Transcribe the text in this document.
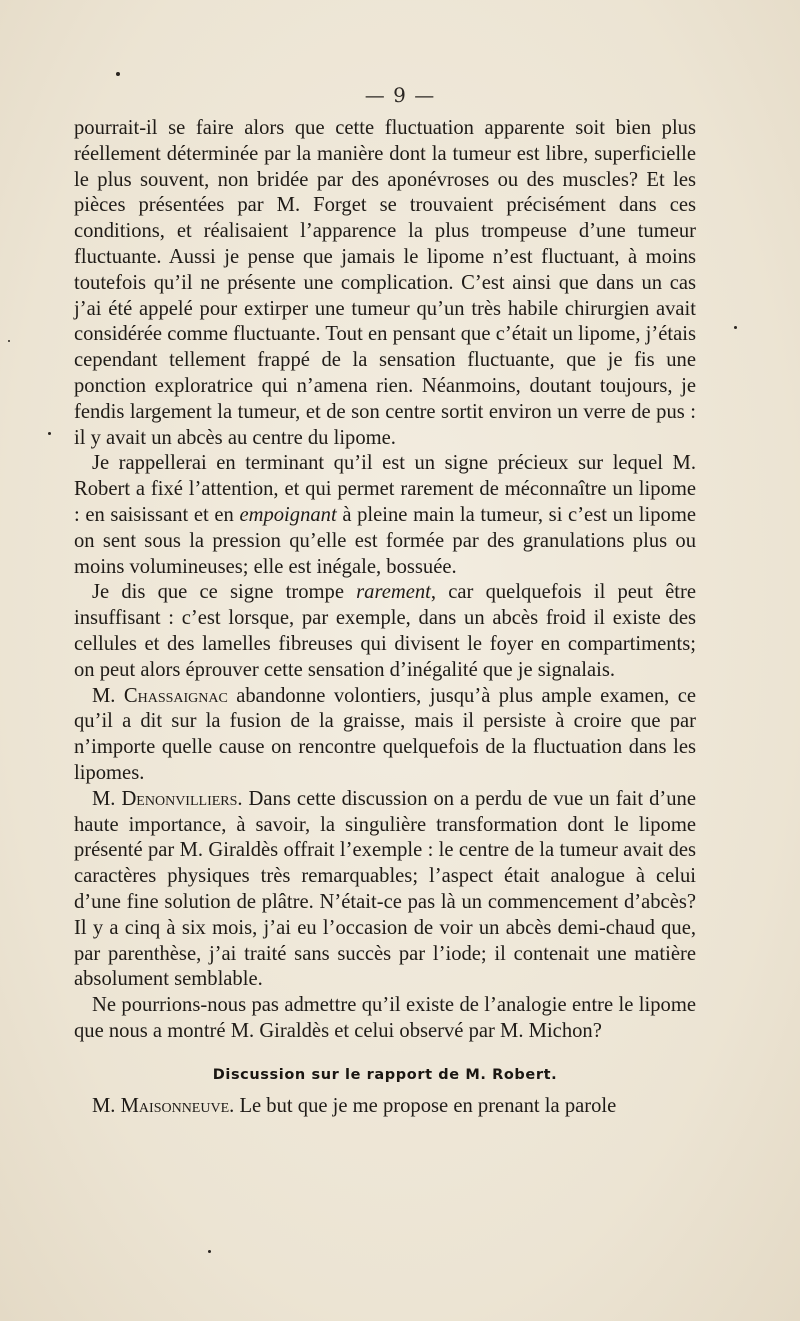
— 9 —

pourrait-il se faire alors que cette fluctuation apparente soit bien plus réellement déterminée par la manière dont la tumeur est libre, superficielle le plus souvent, non bridée par des aponévroses ou des muscles? Et les pièces présentées par M. Forget se trouvaient précisément dans ces conditions, et réalisaient l’apparence la plus trompeuse d’une tumeur fluctuante. Aussi je pense que jamais le lipome n’est fluctuant, à moins toutefois qu’il ne présente une complication. C’est ainsi que dans un cas j’ai été appelé pour extirper une tumeur qu’un très habile chirurgien avait considérée comme fluctuante. Tout en pensant que c’était un lipome, j’étais cependant tellement frappé de la sensation fluctuante, que je fis une ponction exploratrice qui n’amena rien. Néanmoins, doutant toujours, je fendis largement la tumeur, et de son centre sortit environ un verre de pus : il y avait un abcès au centre du lipome.

Je rappellerai en terminant qu’il est un signe précieux sur lequel M. Robert a fixé l’attention, et qui permet rarement de méconnaître un lipome : en saisissant et en empoignant à pleine main la tumeur, si c’est un lipome on sent sous la pression qu’elle est formée par des granulations plus ou moins volumineuses; elle est inégale, bossuée.

Je dis que ce signe trompe rarement, car quelquefois il peut être insuffisant : c’est lorsque, par exemple, dans un abcès froid il existe des cellules et des lamelles fibreuses qui divisent le foyer en compartiments; on peut alors éprouver cette sensation d’inégalité que je signalais.

M. Chassaignac abandonne volontiers, jusqu’à plus ample examen, ce qu’il a dit sur la fusion de la graisse, mais il persiste à croire que par n’importe quelle cause on rencontre quelquefois de la fluctuation dans les lipomes.

M. Denonvilliers. Dans cette discussion on a perdu de vue un fait d’une haute importance, à savoir, la singulière transformation dont le lipome présenté par M. Giraldès offrait l’exemple : le centre de la tumeur avait des caractères physiques très remarquables; l’aspect était analogue à celui d’une fine solution de plâtre. N’était-ce pas là un commencement d’abcès? Il y a cinq à six mois, j’ai eu l’occasion de voir un abcès demi-chaud que, par parenthèse, j’ai traité sans succès par l’iode; il contenait une matière absolument semblable.

Ne pourrions-nous pas admettre qu’il existe de l’analogie entre le lipome que nous a montré M. Giraldès et celui observé par M. Michon?

Discussion sur le rapport de M. Robert.

M. Maisonneuve. Le but que je me propose en prenant la parole
